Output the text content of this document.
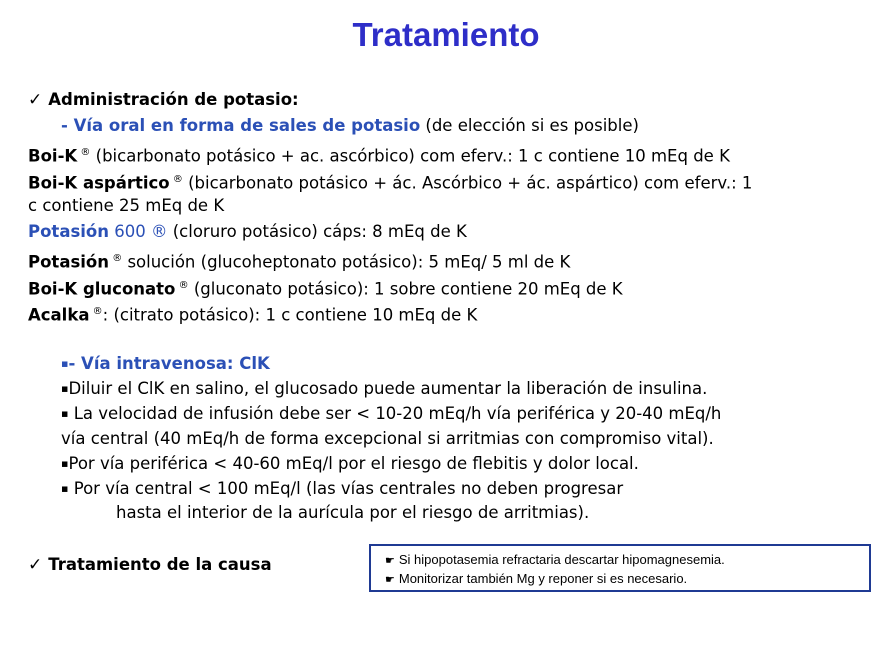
Tratamiento
✓ Administración de potasio:
- Vía oral en forma de sales de potasio (de elección si es posible)
Boi-K ® (bicarbonato potásico + ac. ascórbico) com eferv.: 1 c contiene 10 mEq de K
Boi-K aspártico ® (bicarbonato potásico + ác. Ascórbico + ác. aspártico) com eferv.: 1
c contiene 25 mEq de K
Potasión 600 ® (cloruro potásico) cáps: 8 mEq de K
Potasión ® solución (glucoheptonato potásico): 5 mEq/ 5 ml de K
Boi-K gluconato ® (gluconato potásico): 1 sobre contiene 20 mEq de K
Acalka ®: (citrato potásico): 1 c contiene 10 mEq de K
▪- Vía intravenosa: ClK
▪Diluir el ClK en salino, el glucosado puede aumentar la liberación de insulina.
▪ La velocidad de infusión debe ser < 10-20 mEq/h vía periférica y 20-40 mEq/h
vía central (40 mEq/h de forma excepcional si arritmias con compromiso vital).
▪Por vía periférica < 40-60 mEq/l por el riesgo de flebitis y dolor local.
▪ Por vía central < 100 mEq/l (las vías centrales no deben progresar
hasta el interior de la aurícula por el riesgo de arritmias).
✓ Tratamiento de la causa	☛ Si hipopotasemia refractaria descartar hipomagnesemia.
☛ Monitorizar también Mg y reponer si es necesario.
